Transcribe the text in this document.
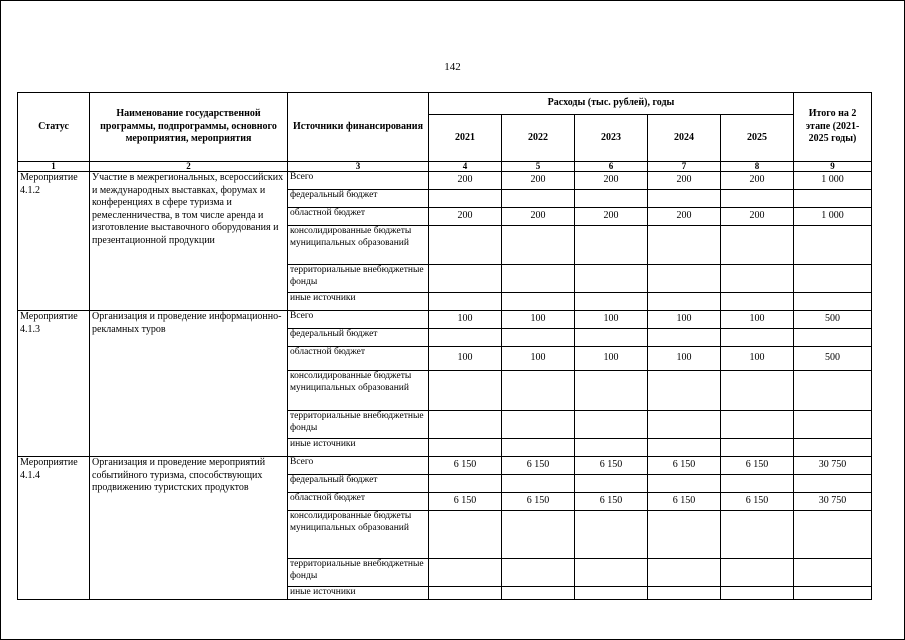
142
Статус	Наименование государственной программы, подпрограммы, основного мероприятия, мероприятия	Источники финансирования	Расходы (тыс. рублей), годы					Итого на 2 этапе (2021-2025 годы)
			2021	2022	2023	2024	2025	
1	2	3	4	5	6	7	8	9
Мероприятие 4.1.2	Участие в межрегиональных, всероссийских и международных выставках, форумах и конференциях в сфере туризма и ремесленничества, в том числе аренда и изготовление выставочного оборудования и презентационной продукции	Всего	200	200	200	200	200	1 000
		федеральный бюджет						
		областной бюджет	200	200	200	200	200	1 000
		консолидированные бюджеты муниципальных образований						
		территориальные внебюджетные фонды						
		иные источники						
Мероприятие 4.1.3	Организация и проведение информационно-рекламных туров	Всего	100	100	100	100	100	500
		федеральный бюджет						
		областной бюджет	100	100	100	100	100	500
		консолидированные бюджеты муниципальных образований						
		территориальные внебюджетные фонды						
		иные источники						
Мероприятие 4.1.4	Организация и проведение мероприятий событийного туризма, способствующих продвижению туристских продуктов	Всего	6 150	6 150	6 150	6 150	6 150	30 750
		федеральный бюджет						
		областной бюджет	6 150	6 150	6 150	6 150	6 150	30 750
		консолидированные бюджеты муниципальных образований						
		территориальные внебюджетные фонды						
		иные источники						
